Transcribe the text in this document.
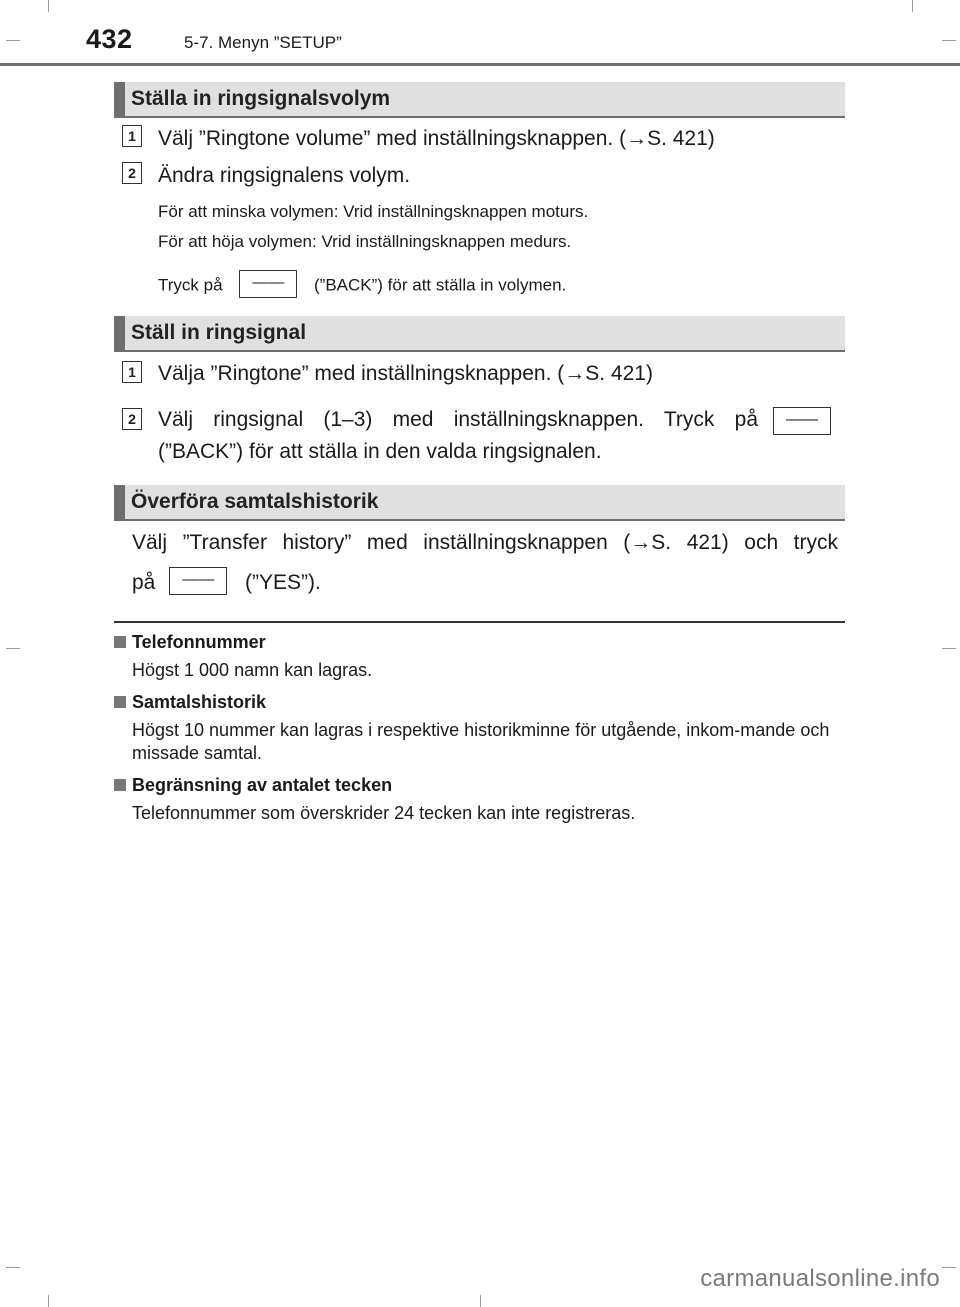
432	5-7. Menyn ”SETUP”
Ställa in ringsignalsvolym
1 Välj ”Ringtone volume” med inställningsknappen. (→S. 421)
2 Ändra ringsignalens volym.
För att minska volymen: Vrid inställningsknappen moturs.
För att höja volymen: Vrid inställningsknappen medurs.
Tryck på —— (”BACK”) för att ställa in volymen.
Ställ in ringsignal
1 Välja ”Ringtone” med inställningsknappen. (→S. 421)
2 Välj ringsignal (1–3) med inställningsknappen. Tryck på ——
(”BACK”) för att ställa in den valda ringsignalen.
Överföra samtalshistorik
Välj ”Transfer history” med inställningsknappen (→S. 421) och tryck
på —— (”YES”).
Telefonnummer
Högst 1 000 namn kan lagras.
Samtalshistorik
Högst 10 nummer kan lagras i respektive historikminne för utgående, inkom-mande och missade samtal.
Begränsning av antalet tecken
Telefonnummer som överskrider 24 tecken kan inte registreras.
carmanualsonline.info
